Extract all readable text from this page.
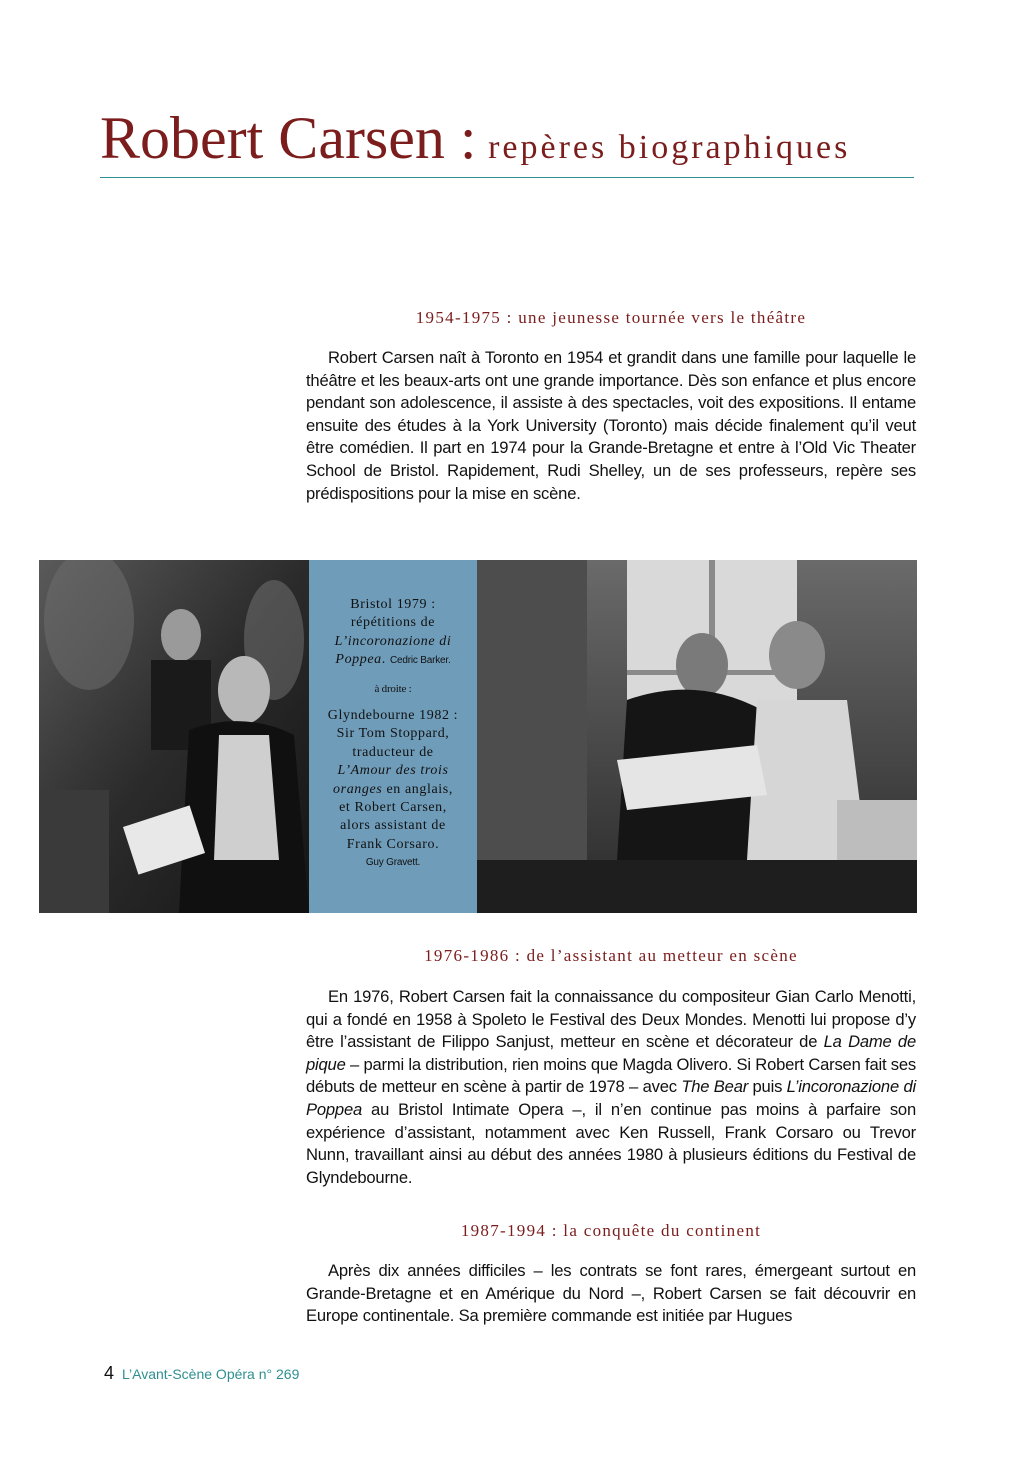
Robert Carsen : repères biographiques
1954-1975 : une jeunesse tournée vers le théâtre

Robert Carsen naît à Toronto en 1954 et grandit dans une famille pour laquelle le théâtre et les beaux-arts ont une grande importance. Dès son enfance et plus encore pendant son adolescence, il assiste à des spectacles, voit des expositions. Il entame ensuite des études à la York University (Toronto) mais décide finalement qu’il veut être comédien. Il part en 1974 pour la Grande-Bretagne et entre à l’Old Vic Theater School de Bristol. Rapidement, Rudi Shelley, un de ses professeurs, repère ses prédispositions pour la mise en scène.

Bristol 1979 :

répétitions de

L’incoronazione di

Poppea. Cedric Barker.

à droite :

Glyndebourne 1982 :

Sir Tom Stoppard,

traducteur de

L’Amour des trois

oranges en anglais,

et Robert Carsen,

alors assistant de

Frank Corsaro.

Guy Gravett.

1976-1986 : de l’assistant au metteur en scène

En 1976, Robert Carsen fait la connaissance du compositeur Gian Carlo Menotti, qui a fondé en 1958 à Spoleto le Festival des Deux Mondes. Menotti lui propose d’y être l’assistant de Filippo Sanjust, metteur en scène et décorateur de La Dame de pique – parmi la distribution, rien moins que Magda Olivero. Si Robert Carsen fait ses débuts de metteur en scène à partir de 1978 – avec The Bear puis L’incoronazione di Poppea au Bristol Intimate Opera –, il n’en continue pas moins à parfaire son expérience d’assistant, notamment avec Ken Russell, Frank Corsaro ou Trevor Nunn, travaillant ainsi au début des années 1980 à plusieurs éditions du Festival de Glyndebourne.

1987-1994 : la conquête du continent

Après dix années difficiles – les contrats se font rares, émergeant surtout en Grande-Bretagne et en Amérique du Nord –, Robert Carsen se fait découvrir en Europe continentale. Sa première commande est initiée par Hugues

4 L’Avant-Scène Opéra n° 269
